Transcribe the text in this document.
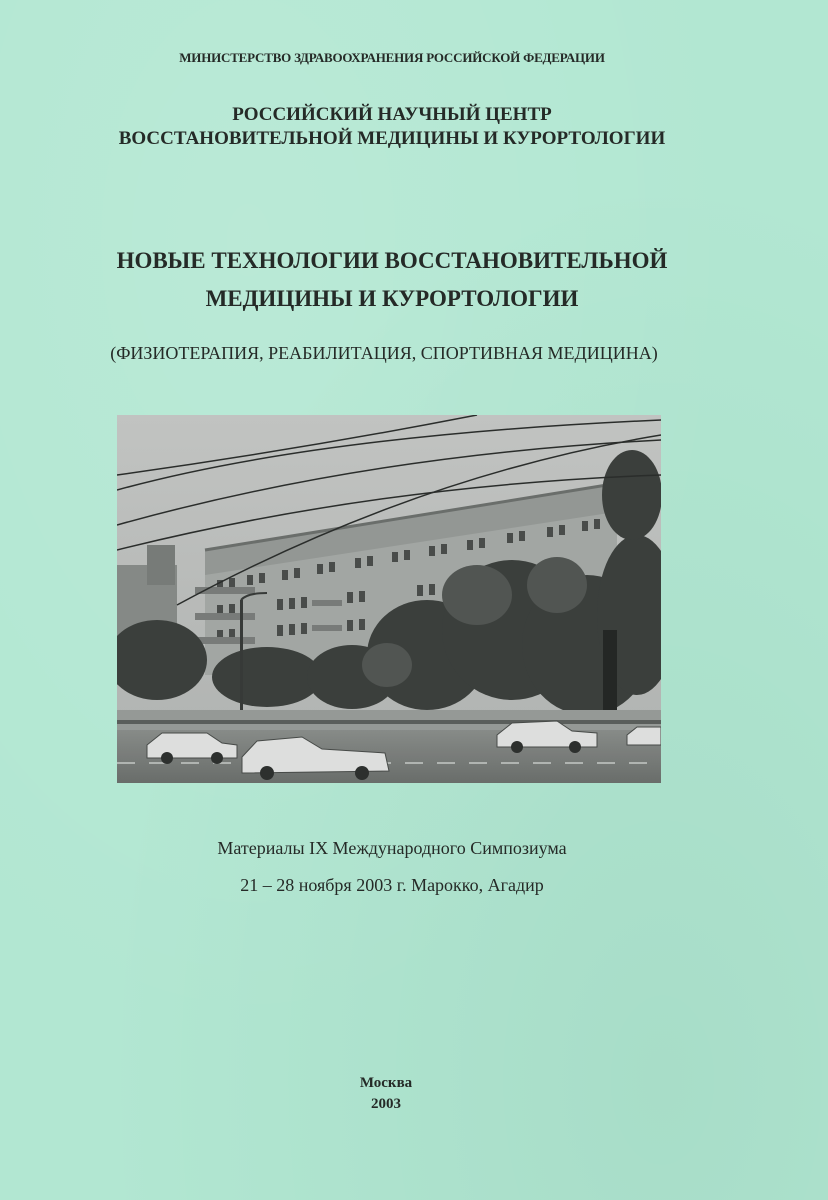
МИНИСТЕРСТВО ЗДРАВООХРАНЕНИЯ РОССИЙСКОЙ ФЕДЕРАЦИИ
РОССИЙСКИЙ НАУЧНЫЙ ЦЕНТР
ВОССТАНОВИТЕЛЬНОЙ МЕДИЦИНЫ И КУРОРТОЛОГИИ
НОВЫЕ ТЕХНОЛОГИИ ВОССТАНОВИТЕЛЬНОЙ
МЕДИЦИНЫ И КУРОРТОЛОГИИ
(ФИЗИОТЕРАПИЯ, РЕАБИЛИТАЦИЯ, СПОРТИВНАЯ МЕДИЦИНА)
Материалы IX Международного Симпозиума
21 – 28 ноября 2003 г. Марокко, Агадир
Москва
2003
